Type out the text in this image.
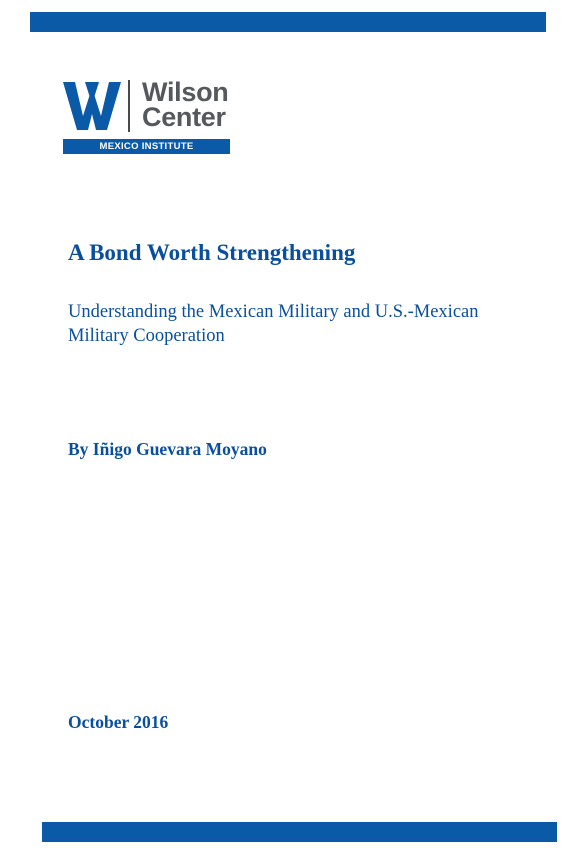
Wilson
Center
MEXICO INSTITUTE
A Bond Worth Strengthening
Understanding the Mexican Military and U.S.-Mexican Military Cooperation

By Iñigo Guevara Moyano

October 2016
